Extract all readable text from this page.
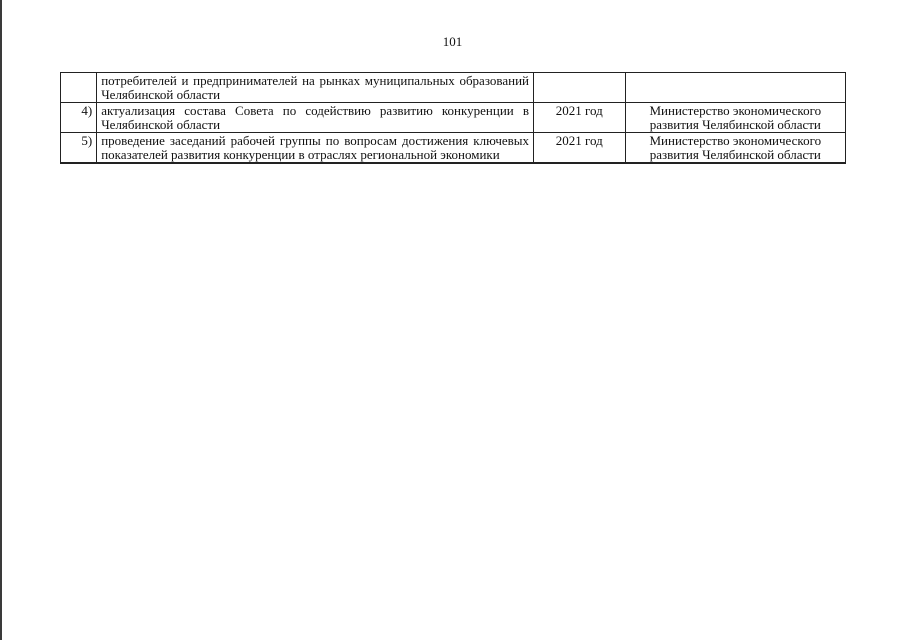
101
	потребителей и предпринимателей на рынках муниципальных образований Челябинской области		
4)	актуализация состава Совета по содействию развитию конкуренции в Челябинской области	2021 год	Министерство экономического развития Челябинской области
5)	проведение заседаний рабочей группы по вопросам достижения ключевых показателей развития конкуренции в отраслях региональной экономики	2021 год	Министерство экономического развития Челябинской области
